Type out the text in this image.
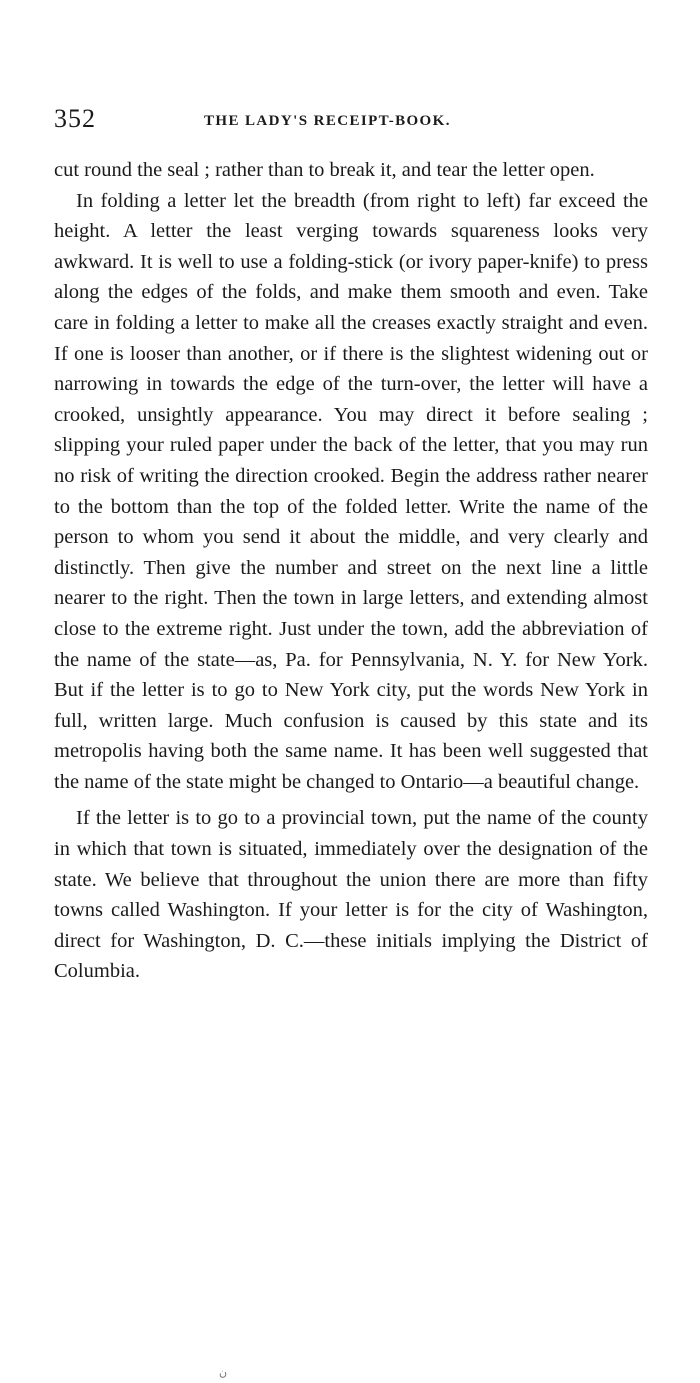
352	THE LADY'S RECEIPT-BOOK.

cut round the seal ; rather than to break it, and tear the letter open.

In folding a letter let the breadth (from right to left) far exceed the height. A letter the least verging towards squareness looks very awkward. It is well to use a folding-stick (or ivory paper-knife) to press along the edges of the folds, and make them smooth and even. Take care in folding a letter to make all the creases exactly straight and even. If one is looser than another, or if there is the slightest widening out or narrowing in towards the edge of the turn-over, the letter will have a crooked, unsightly appearance. You may direct it before sealing ; slipping your ruled paper under the back of the letter, that you may run no risk of writing the direction crooked. Begin the address rather nearer to the bottom than the top of the folded letter. Write the name of the person to whom you send it about the middle, and very clearly and distinctly. Then give the number and street on the next line a little nearer to the right. Then the town in large letters, and extending almost close to the extreme right. Just under the town, add the abbreviation of the name of the state—as, Pa. for Pennsylvania, N. Y. for New York. But if the letter is to go to New York city, put the words New York in full, written large. Much confusion is caused by this state and its metropolis having both the same name. It has been well suggested that the name of the state might be changed to Ontario—a beautiful change.

If the letter is to go to a provincial town, put the name of the county in which that town is situated, immediately over the designation of the state. We believe that throughout the union there are more than fifty towns called Washington. If your letter is for the city of Washington, direct for Washington, D. C.—these initials implying the District of Columbia.

ن
